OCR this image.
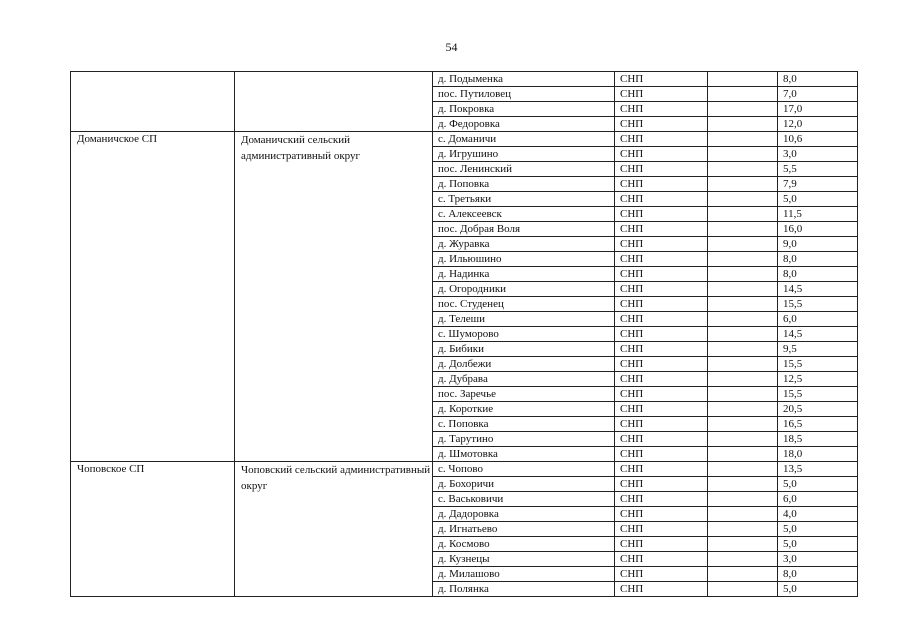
54
		д. Подыменка	СНП		8,0
		пос. Путиловец	СНП		7,0
		д. Покровка	СНП		17,0
		д. Федоровка	СНП		12,0
Доманичское СП	Доманичский сельский административный округ	с. Доманичи	СНП		10,6
		д. Игрушино	СНП		3,0
		пос. Ленинский	СНП		5,5
		д. Поповка	СНП		7,9
		с. Третьяки	СНП		5,0
		с. Алексеевск	СНП		11,5
		пос. Добрая Воля	СНП		16,0
		д. Журавка	СНП		9,0
		д. Ильюшино	СНП		8,0
		д. Надинка	СНП		8,0
		д. Огородники	СНП		14,5
		пос. Студенец	СНП		15,5
		д. Телеши	СНП		6,0
		с. Шуморово	СНП		14,5
		д. Бибики	СНП		9,5
		д. Долбежи	СНП		15,5
		д. Дубрава	СНП		12,5
		пос. Заречье	СНП		15,5
		д. Короткие	СНП		20,5
		с. Поповка	СНП		16,5
		д. Тарутино	СНП		18,5
		д. Шмотовка	СНП		18,0
Чоповское СП	Чоповский сельский административный округ	с. Чопово	СНП		13,5
		д. Бохоричи	СНП		5,0
		с. Васьковичи	СНП		6,0
		д. Дадоровка	СНП		4,0
		д. Игнатьево	СНП		5,0
		д. Космово	СНП		5,0
		д. Кузнецы	СНП		3,0
		д. Милашово	СНП		8,0
		д. Полянка	СНП		5,0
